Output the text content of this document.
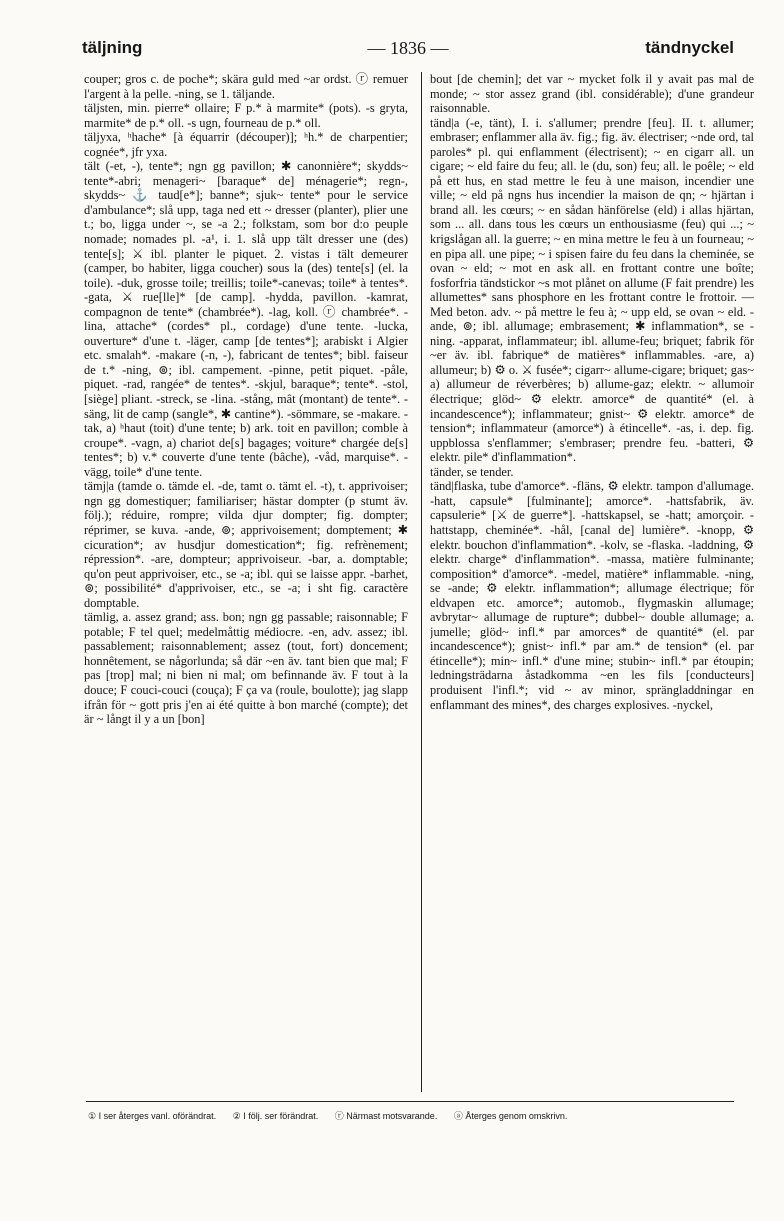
— 1836 —
täljning	tändnyckel

couper; gros c. de poche*; skära guld med ~ar ordst. ⓡ remuer l'argent à la pelle. -ning, se 1. täljande.

täljsten, min. pierre* ollaire; F p.* à marmite* (pots). -s gryta, marmite* de p.* oll. -s ugn, fourneau de p.* oll.

täljyxa, ʰhache* [à équarrir (découper)]; ʰh.* de charpentier; cognée*, jfr yxa.

tält (-et, -), tente*; ngn gg pavillon; ✱ canonnière*; skydds~ tente*-abri; menageri~ [baraque* de] ménagerie*; regn-, skydds~ ⚓ taud[e*]; banne*; sjuk~ tente* pour le service d'ambulance*; slå upp, taga ned ett ~ dresser (planter), plier une t.; bo, ligga under ~, se -a 2.; folkstam, som bor d:o peuple nomade; nomades pl. -a¹, i. 1. slå upp tält dresser une (des) tente[s]; ⚔ ibl. planter le piquet. 2. vistas i tält demeurer (camper, bo habiter, ligga coucher) sous la (des) tente[s] (el. la toile). -duk, grosse toile; treillis; toile*-canevas; toile* à tentes*. -gata, ⚔ rue[lle]* [de camp]. -hydda, pavillon. -kamrat, compagnon de tente* (chambrée*). -lag, koll. ⓡ chambrée*. -lina, attache* (cordes* pl., cordage) d'une tente. -lucka, ouverture* d'une t. -läger, camp [de tentes*]; arabiskt i Algier etc. smalah*. -makare (-n, -), fabricant de tentes*; bibl. faiseur de t.* -ning, ⊚; ibl. campement. -pinne, petit piquet. -påle, piquet. -rad, rangée* de tentes*. -skjul, baraque*; tente*. -stol, [siège] pliant. -streck, se -lina. -stång, mât (montant) de tente*. -säng, lit de camp (sangle*, ✱ cantine*). -sömmare, se -makare. -tak, a) ʰhaut (toit) d'une tente; b) ark. toit en pavillon; comble à croupe*. -vagn, a) chariot de[s] bagages; voiture* chargée de[s] tentes*; b) v.* couverte d'une tente (bâche), -våd, marquise*. -vägg, toile* d'une tente.

tämj|a (tamde o. tämde el. -de, tamt o. tämt el. -t), t. apprivoiser; ngn gg domestiquer; familiariser; hästar dompter (p stumt äv. följ.); réduire, rompre; vilda djur dompter; fig. dompter; réprimer, se kuva. -ande, ⊚; apprivoisement; domptement; ✱ cicuration*; av husdjur domestication*; fig. refrènement; répression*. -are, dompteur; apprivoiseur. -bar, a. domptable; qu'on peut apprivoiser, etc., se -a; ibl. qui se laisse appr. -barhet, ⊚; possibilité* d'apprivoiser, etc., se -a; i sht fig. caractère domptable.

tämlig, a. assez grand; ass. bon; ngn gg passable; raisonnable; F potable; F tel quel; medelmåttig médiocre. -en, adv. assez; ibl. passablement; raisonnablement; assez (tout, fort) doncement; honnêtement, se någorlunda; så där ~en äv. tant bien que mal; F pas [trop] mal; ni bien ni mal; om befinnande äv. F tout à la douce; F couci-couci (couça); F ça va (roule, boulotte); jag slapp ifrån för ~ gott pris j'en ai été quitte à bon marché (compte); det är ~ långt il y a un [bon]

bout [de chemin]; det var ~ mycket folk il y avait pas mal de monde; ~ stor assez grand (ibl. considérable); d'une grandeur raisonnable.

tänd|a (-e, tänt), I. i. s'allumer; prendre [feu]. II. t. allumer; embraser; enflammer alla äv. fig.; fig. äv. électriser; ~nde ord, tal paroles* pl. qui enflamment (électrisent); ~ en cigarr all. un cigare; ~ eld faire du feu; all. le (du, son) feu; all. le poêle; ~ eld på ett hus, en stad mettre le feu à une maison, incendier une ville; ~ eld på ngns hus incendier la maison de qn; ~ hjärtan i brand all. les cœurs; ~ en sådan hänförelse (eld) i allas hjärtan, som ... all. dans tous les cœurs un enthousiasme (feu) qui ...; ~ krigslågan all. la guerre; ~ en mina mettre le feu à un fourneau; ~ en pipa all. une pipe; ~ i spisen faire du feu dans la cheminée, se ovan ~ eld; ~ mot en ask all. en frottant contre une boîte; fosforfria tändstickor ~s mot plånet on allume (F fait prendre) les allumettes* sans phosphore en les frottant contre le frottoir. — Med beton. adv. ~ på mettre le feu à; ~ upp eld, se ovan ~ eld. -ande, ⊚; ibl. allumage; embrasement; ✱ inflammation*, se -ning. -apparat, inflammateur; ibl. allume-feu; briquet; fabrik för ~er äv. ibl. fabrique* de matières* inflammables. -are, a) allumeur; b) ⚙ o. ⚔ fusée*; cigarr~ allume-cigare; briquet; gas~ a) allumeur de réverbères; b) allume-gaz; elektr. ~ allumoir électrique; glöd~ ⚙ elektr. amorce* de quantité* (el. à incandescence*); inflammateur; gnist~ ⚙ elektr. amorce* de tension*; inflammateur (amorce*) à étincelle*. -as, i. dep. fig. uppblossa s'enflammer; s'embraser; prendre feu. -batteri, ⚙ elektr. pile* d'inflammation*.

tänder, se tender.

tänd|flaska, tube d'amorce*. -fläns, ⚙ elektr. tampon d'allumage. -hatt, capsule* [fulminante]; amorce*. -hattsfabrik, äv. capsulerie* [⚔ de guerre*]. -hattskapsel, se -hatt; amorçoir. -hattstapp, cheminée*. -hål, [canal de] lumière*. -knopp, ⚙ elektr. bouchon d'inflammation*. -kolv, se -flaska. -laddning, ⚙ elektr. charge* d'inflammation*. -massa, matière fulminante; composition* d'amorce*. -medel, matière* inflammable. -ning, se -ande; ⚙ elektr. inflammation*; allumage électrique; för eldvapen etc. amorce*; automob., flygmaskin allumage; avbrytar~ allumage de rupture*; dubbel~ double allumage; a. jumelle; glöd~ infl.* par amorces* de quantité* (el. par incandescence*); gnist~ infl.* par am.* de tension* (el. par étincelle*); min~ infl.* d'une mine; stubin~ infl.* par étoupin; ledningsträdarna åstadkomma ~en les fils [conducteurs] produisent l'infl.*; vid ~ av minor, sprängladdningar en enflammant des mines*, des charges explosives. -nyckel,

① I ser återges vanl. oförändrat. ② I följ. ser förändrat. ⓡ Närmast motsvarande. ⓐ Återges genom omskrivn.
